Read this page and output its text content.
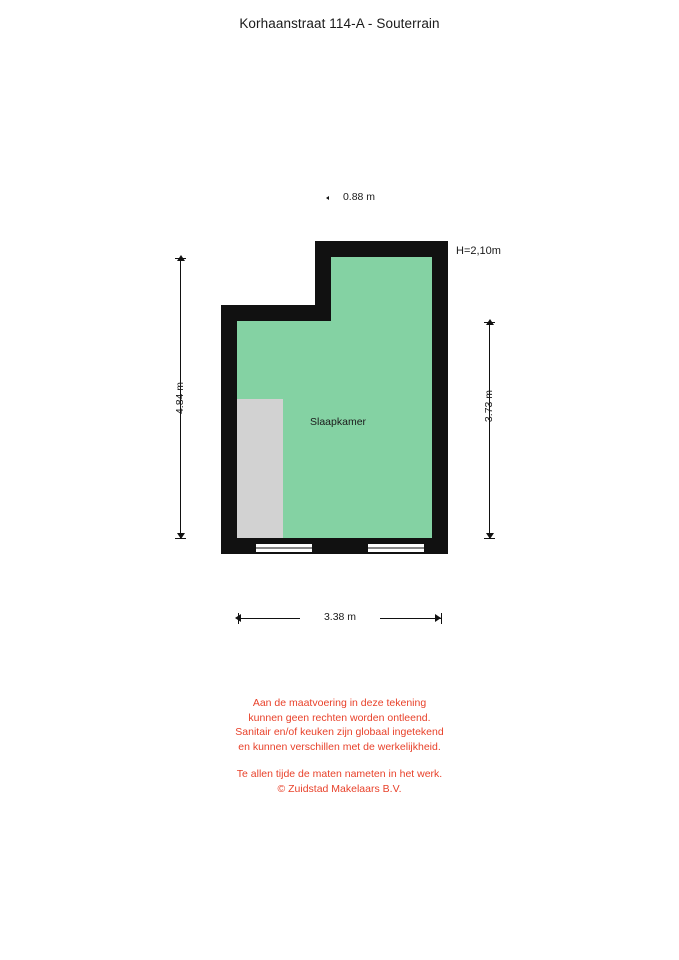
Korhaanstraat 114-A - Souterrain
Slaapkamer
H=2,10m
0.88 m
4.84 m	3.73 m
3.38 m
Aan de maatvoering in deze tekening
kunnen geen rechten worden ontleend.
Sanitair en/of keuken zijn globaal ingetekend
en kunnen verschillen met de werkelijkheid.
Te allen tijde de maten nameten in het werk.
© Zuidstad Makelaars B.V.
